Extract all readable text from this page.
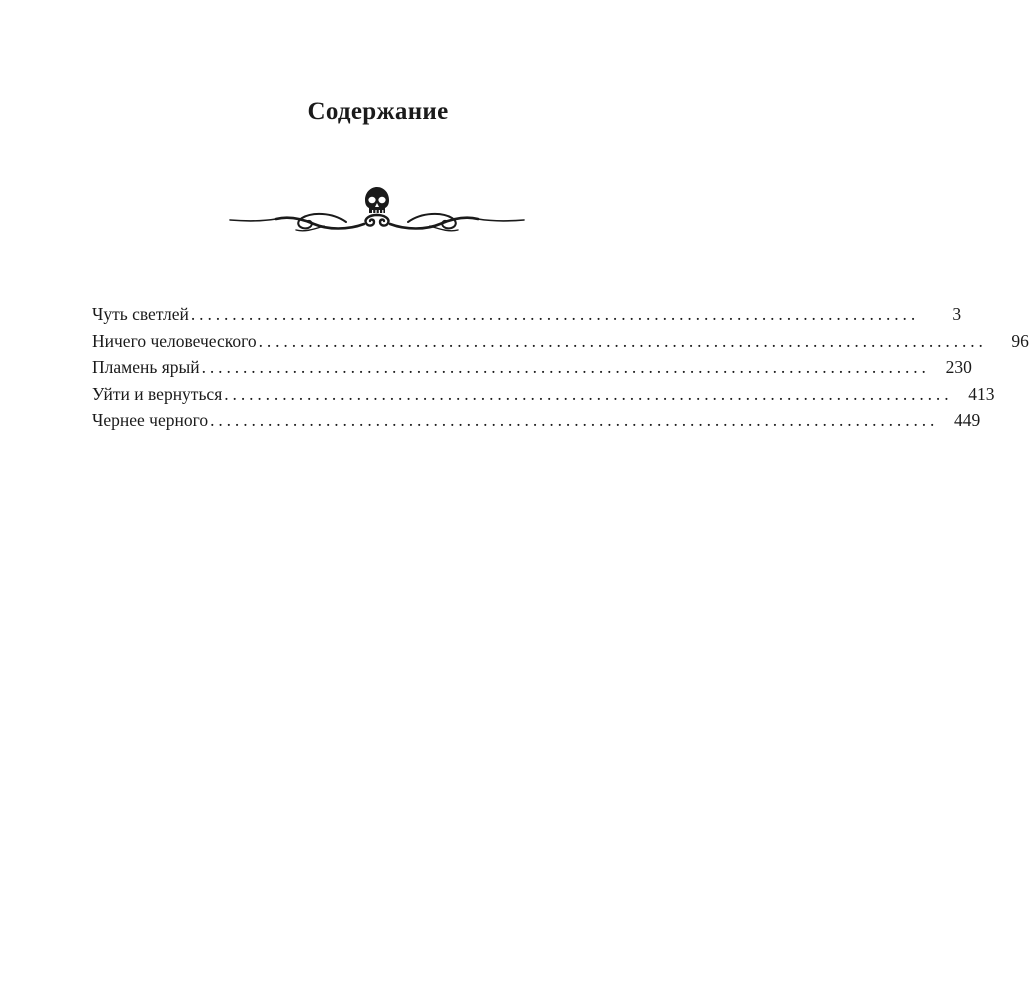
Содержание
Чуть светлей ........................................................................................	3
Ничего человеческого ........................................................................................	96
Пламень ярый ........................................................................................ 230
Уйти и вернуться ........................................................................................ 413
Чернее черного ........................................................................................ 449
